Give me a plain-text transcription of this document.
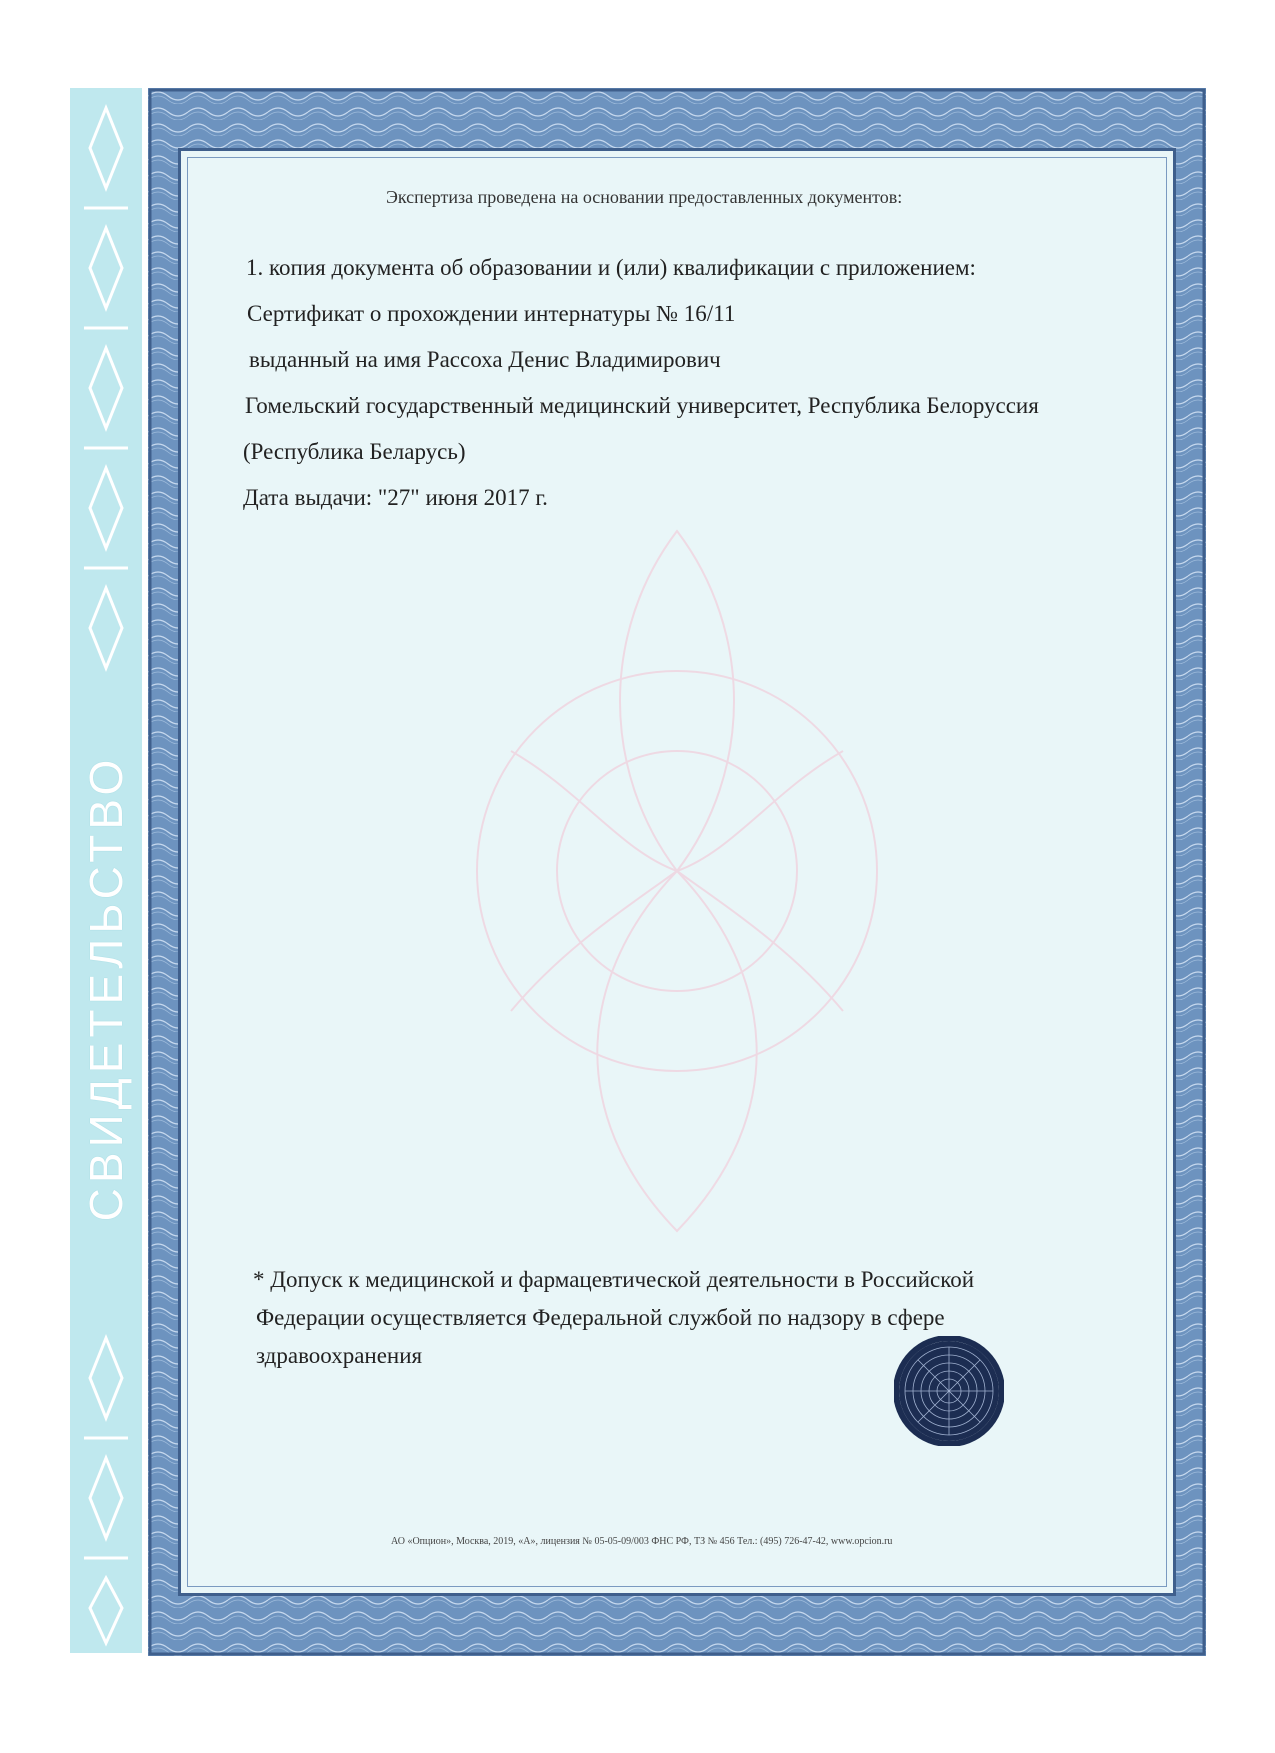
СВИДЕТЕЛЬСТВО
Экспертиза проведена на основании предоставленных документов:
1. копия документа об образовании и (или) квалификации с приложением:
Сертификат о прохождении интернатуры № 16/11
выданный на имя Рассоха Денис Владимирович
Гомельский государственный медицинский университет, Республика Белоруссия
(Республика Беларусь)
Дата выдачи: "27" июня 2017 г.
* Допуск к медицинской и фармацевтической деятельности в Российской
Федерации осуществляется Федеральной службой по надзору в сфере
здравоохранения
АО «Опцион», Москва, 2019, «А», лицензия № 05-05-09/003 ФНС РФ, ТЗ № 456 Тел.: (495) 726-47-42, www.opcion.ru
